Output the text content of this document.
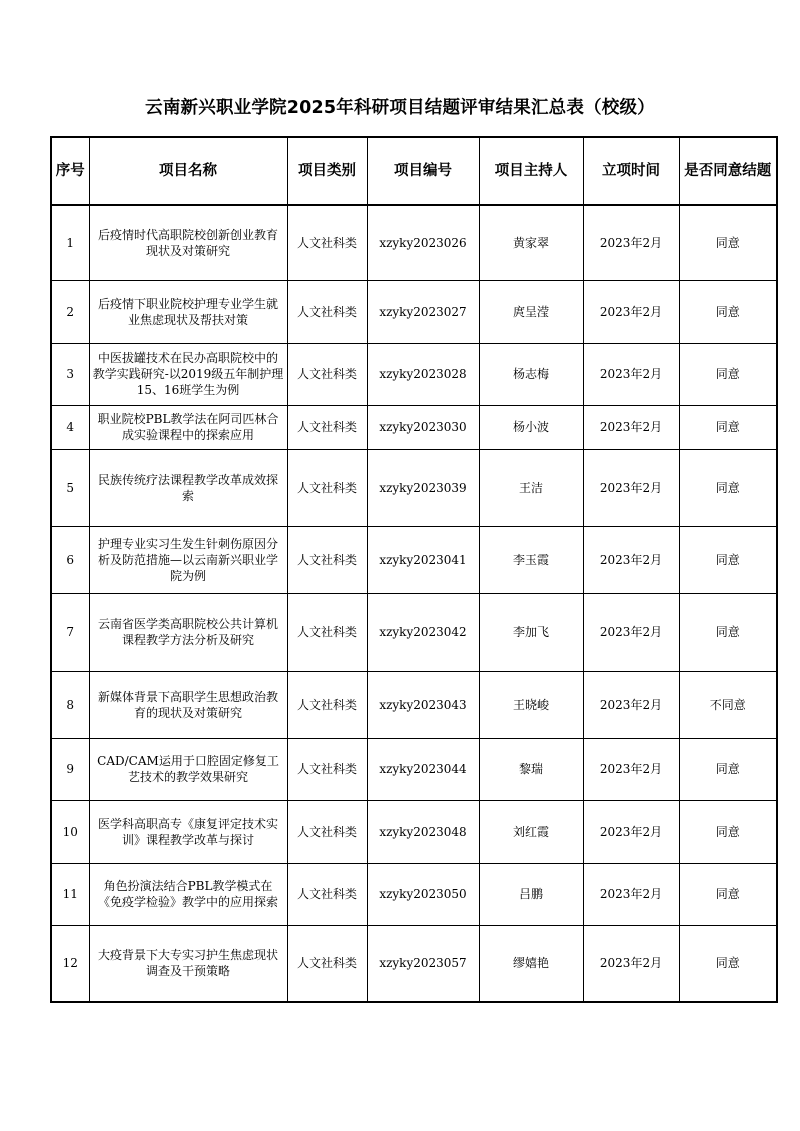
云南新兴职业学院2025年科研项目结题评审结果汇总表（校级）
序号	项目名称	项目类别	项目编号	项目主持人	立项时间	是否同意结题
1	后疫情时代高职院校创新创业教育现状及对策研究	人文社科类	xzyky2023026	黄家翠	2023年2月	同意
2	后疫情下职业院校护理专业学生就业焦虑现状及帮扶对策	人文社科类	xzyky2023027	庹呈滢	2023年2月	同意
3	中医拔罐技术在民办高职院校中的教学实践研究-以2019级五年制护理15、16班学生为例	人文社科类	xzyky2023028	杨志梅	2023年2月	同意
4	职业院校PBL教学法在阿司匹林合成实验课程中的探索应用	人文社科类	xzyky2023030	杨小波	2023年2月	同意
5	民族传统疗法课程教学改革成效探索	人文社科类	xzyky2023039	王洁	2023年2月	同意
6	护理专业实习生发生针刺伤原因分析及防范措施—以云南新兴职业学院为例	人文社科类	xzyky2023041	李玉霞	2023年2月	同意
7	云南省医学类高职院校公共计算机课程教学方法分析及研究	人文社科类	xzyky2023042	李加飞	2023年2月	同意
8	新媒体背景下高职学生思想政治教育的现状及对策研究	人文社科类	xzyky2023043	王晓峻	2023年2月	不同意
9	CAD/CAM运用于口腔固定修复工艺技术的教学效果研究	人文社科类	xzyky2023044	黎瑞	2023年2月	同意
10	医学科高职高专《康复评定技术实训》课程教学改革与探讨	人文社科类	xzyky2023048	刘红霞	2023年2月	同意
11	角色扮演法结合PBL教学模式在《免疫学检验》教学中的应用探索	人文社科类	xzyky2023050	吕鹏	2023年2月	同意
12	大疫背景下大专实习护生焦虑现状调查及干预策略	人文社科类	xzyky2023057	缪嬉艳	2023年2月	同意
